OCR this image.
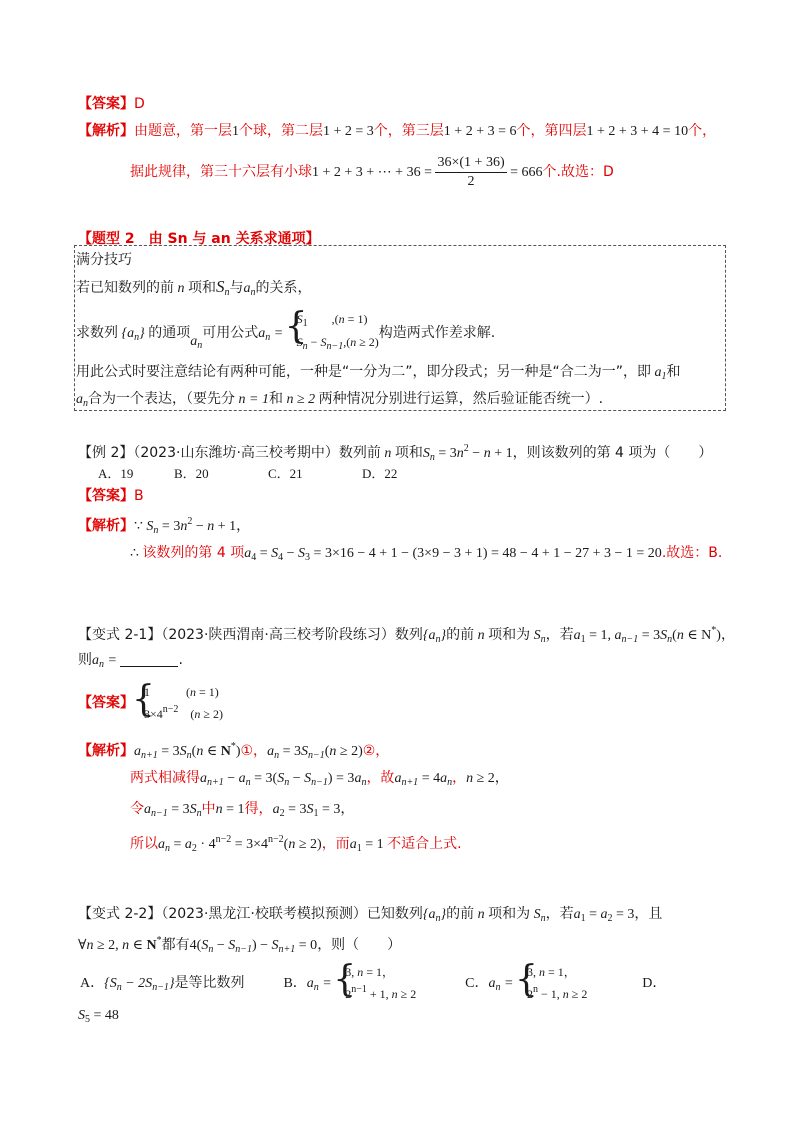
【答案】D
【解析】由题意，第一层1个球，第二层1 + 2 = 3个，第三层1 + 2 + 3 = 6个，第四层1 + 2 + 3 + 4 = 10个，
据此规律，第三十六层有小球1 + 2 + 3 + ⋯ + $36 = \frac{36\times(1 + 36)}{2} = 666$个.故选：D
【题型 2　由 Sn 与 an 关系求通项】
满分技巧
若已知数列的前 n 项和$S_n$与$a_n$的关系，
求数列 $\{a_n\}$ 的通项$a_n$可用公式$a_n$ =
{ $S_1$　　,(n = 1)
$S_n - S_{n-1},(n \ge 2)$
构造两式作差求解.
用此公式时要注意结论有两种可能，一种是“一分为二”，即分段式；另一种是“合二为一”，即 $a_1$和
$a_n$合为一个表达，（要先分 n = 1和 n ≥ 2 两种情况分别进行运算，然后验证能否统一）.
【例 2】（2023·山东潍坊·高三校考期中）数列前 n 项和$S_n = 3n^2 - n + 1$，则该数列的第 4 项为（　　）
A．19	B．20	C．21	D．22
【答案】B
【解析】∵ $S_n = 3n^2 - n + 1$，
∴ 该数列的第 4 项$a_4 = S_4 - S_3 = 3\times 16 - 4 + 1 - (3\times 9 - 3 + 1) = 48 - 4 + 1 - 27 + 3 - 1 = 20$.故选：B.
【变式 2-1】（2023·陕西渭南·高三校考阶段练习）数列$\{a_n\}$的前 n 项和为 $S_n$，若$a_1 = 1$, $a_{n-1} = 3S_n(n$ ∈ N*)，
则$a_n$ =	.
【答案】
{ 1　　　(n = 1)
$3\times 4^{n-2}$　(n ≥ 2)
【解析】$a_{n+1} = 3S_n(n$ ∈ N*)①，$a_n = 3S_{n-1}(n$ ≥ 2)②，
两式相减得$a_{n+1} - a_n = 3(S_n - S_{n-1}) = 3a_n$，故$a_{n+1} = 4a_n$，n ≥ 2，
令$a_{n-1} = 3S_n$中n = 1得，$a_2 = 3S_1 = 3$，
所以$a_n = a_2 \cdot 4^{n-2} = 3\times 4^{n-2}(n \ge 2)$，而$a_1 = 1$ 不适合上式.
【变式 2-2】（2023·黑龙江·校联考模拟预测）已知数列$\{a_n\}$的前 n 项和为 $S_n$，若$a_1 = a_2 = 3$，且
∀n ≥ 2, n ∈ N*都有$4(S_n - S_{n-1}) - S_{n+1} = 0$，则（　　）
A．$\{S_n - 2S_{n-1}\}$是等比数列	B．$a_n$ =
{ 3, n = 1，
$2^{n-1} + 1$, n ≥ 2
C．$a_n$ =
{ 3, n = 1，
$2^n - 1$, n ≥ 2
D．
$S_5 = 48$
